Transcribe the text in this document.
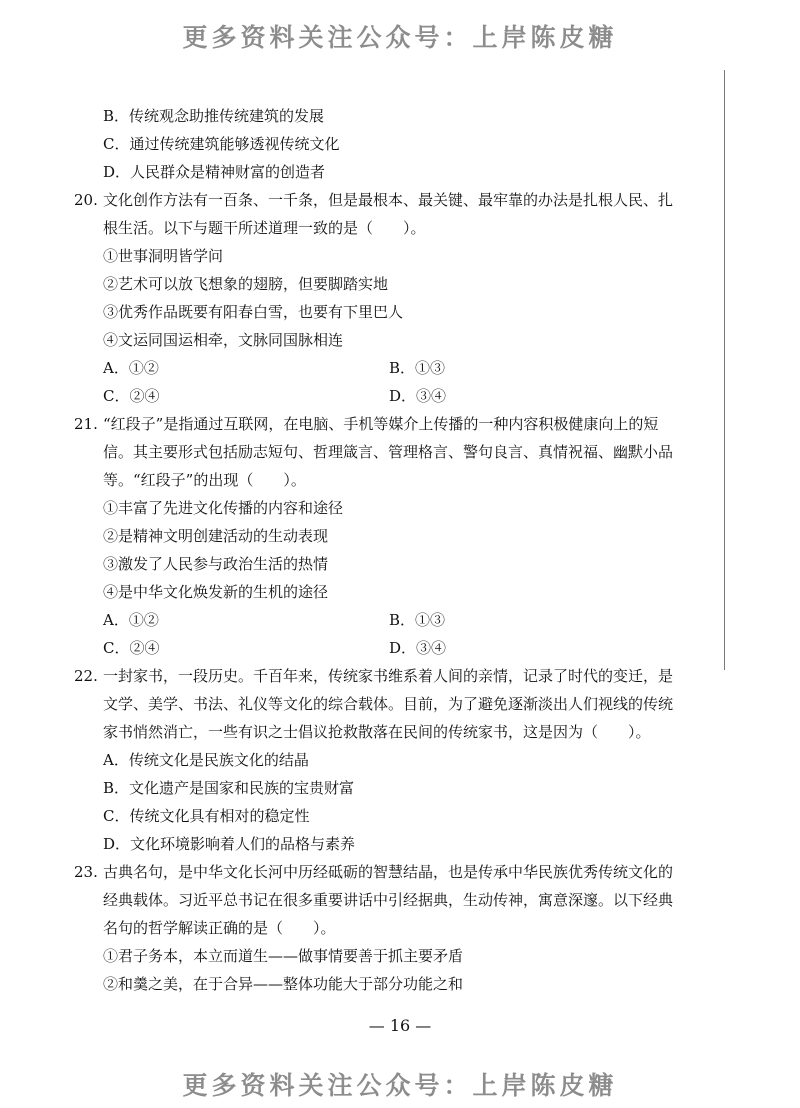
更多资料关注公众号：上岸陈皮糖
B．传统观念助推传统建筑的发展
C．通过传统建筑能够透视传统文化
D．人民群众是精神财富的创造者
20. 文化创作方法有一百条、一千条，但是最根本、最关键、最牢靠的办法是扎根人民、扎
根生活。以下与题干所述道理一致的是（　　）。
①世事洞明皆学问
②艺术可以放飞想象的翅膀，但要脚踏实地
③优秀作品既要有阳春白雪，也要有下里巴人
④文运同国运相牵，文脉同国脉相连
A．①②	B．①③
C．②④	D．③④
21. “红段子”是指通过互联网，在电脑、手机等媒介上传播的一种内容积极健康向上的短
信。其主要形式包括励志短句、哲理箴言、管理格言、警句良言、真情祝福、幽默小品
等。“红段子”的出现（　　）。
①丰富了先进文化传播的内容和途径
②是精神文明创建活动的生动表现
③激发了人民参与政治生活的热情
④是中华文化焕发新的生机的途径
A．①②	B．①③
C．②④	D．③④
22. 一封家书，一段历史。千百年来，传统家书维系着人间的亲情，记录了时代的变迁，是
文学、美学、书法、礼仪等文化的综合载体。目前，为了避免逐渐淡出人们视线的传统
家书悄然消亡，一些有识之士倡议抢救散落在民间的传统家书，这是因为（　　）。
A．传统文化是民族文化的结晶
B．文化遗产是国家和民族的宝贵财富
C．传统文化具有相对的稳定性
D．文化环境影响着人们的品格与素养
23. 古典名句，是中华文化长河中历经砥砺的智慧结晶，也是传承中华民族优秀传统文化的
经典载体。习近平总书记在很多重要讲话中引经据典，生动传神，寓意深邃。以下经典
名句的哲学解读正确的是（　　）。
①君子务本，本立而道生——做事情要善于抓主要矛盾
②和羹之美，在于合异——整体功能大于部分功能之和
— 16 —
更多资料关注公众号：上岸陈皮糖
